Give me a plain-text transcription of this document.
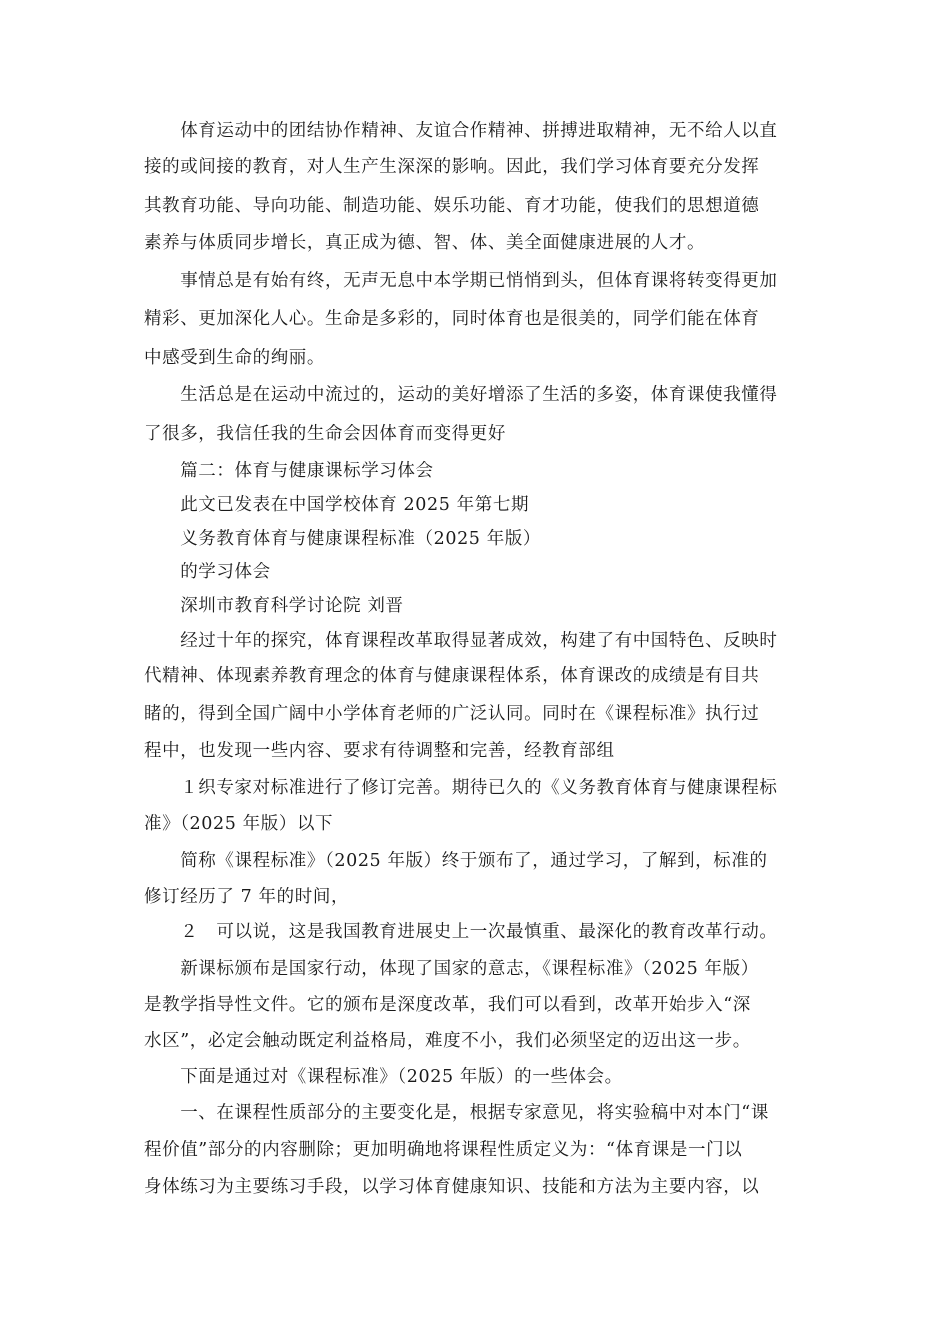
　　体育运动中的团结协作精神、友谊合作精神、拼搏进取精神，无不给人以直
接的或间接的教育，对人生产生深深的影响。因此，我们学习体育要充分发挥
其教育功能、导向功能、制造功能、娱乐功能、育才功能，使我们的思想道德
素养与体质同步增长，真正成为德、智、体、美全面健康进展的人才。
　　事情总是有始有终，无声无息中本学期已悄悄到头，但体育课将转变得更加
精彩、更加深化人心。生命是多彩的，同时体育也是很美的，同学们能在体育
中感受到生命的绚丽。
　　生活总是在运动中流过的，运动的美好增添了生活的多姿，体育课使我懂得
了很多，我信任我的生命会因体育而变得更好
　　篇二：体育与健康课标学习体会
　　此文已发表在中国学校体育 2025 年第七期
　　义务教育体育与健康课程标准（2025 年版）
　　的学习体会
　　深圳市教育科学讨论院 刘晋
　　经过十年的探究，体育课程改革取得显著成效，构建了有中国特色、反映时
代精神、体现素养教育理念的体育与健康课程体系，体育课改的成绩是有目共
睹的，得到全国广阔中小学体育老师的广泛认同。同时在《课程标准》执行过
程中，也发现一些内容、要求有待调整和完善，经教育部组
　　１织专家对标准进行了修订完善。期待已久的《义务教育体育与健康课程标
准》（2025 年版）以下
　　简称《课程标准》（2025 年版）终于颁布了，通过学习，了解到，标准的
修订经历了 7 年的时间，
　　２　可以说，这是我国教育进展史上一次最慎重、最深化的教育改革行动。
　　新课标颁布是国家行动，体现了国家的意志，《课程标准》（2025 年版）
是教学指导性文件。它的颁布是深度改革，我们可以看到，改革开始步入“深
水区”，必定会触动既定利益格局，难度不小，我们必须坚定的迈出这一步。
　　下面是通过对《课程标准》（2025 年版）的一些体会。
　　一、在课程性质部分的主要变化是，根据专家意见，将实验稿中对本门“课
程价值”部分的内容删除；更加明确地将课程性质定义为：“体育课是一门以
身体练习为主要练习手段，以学习体育健康知识、技能和方法为主要内容，以
